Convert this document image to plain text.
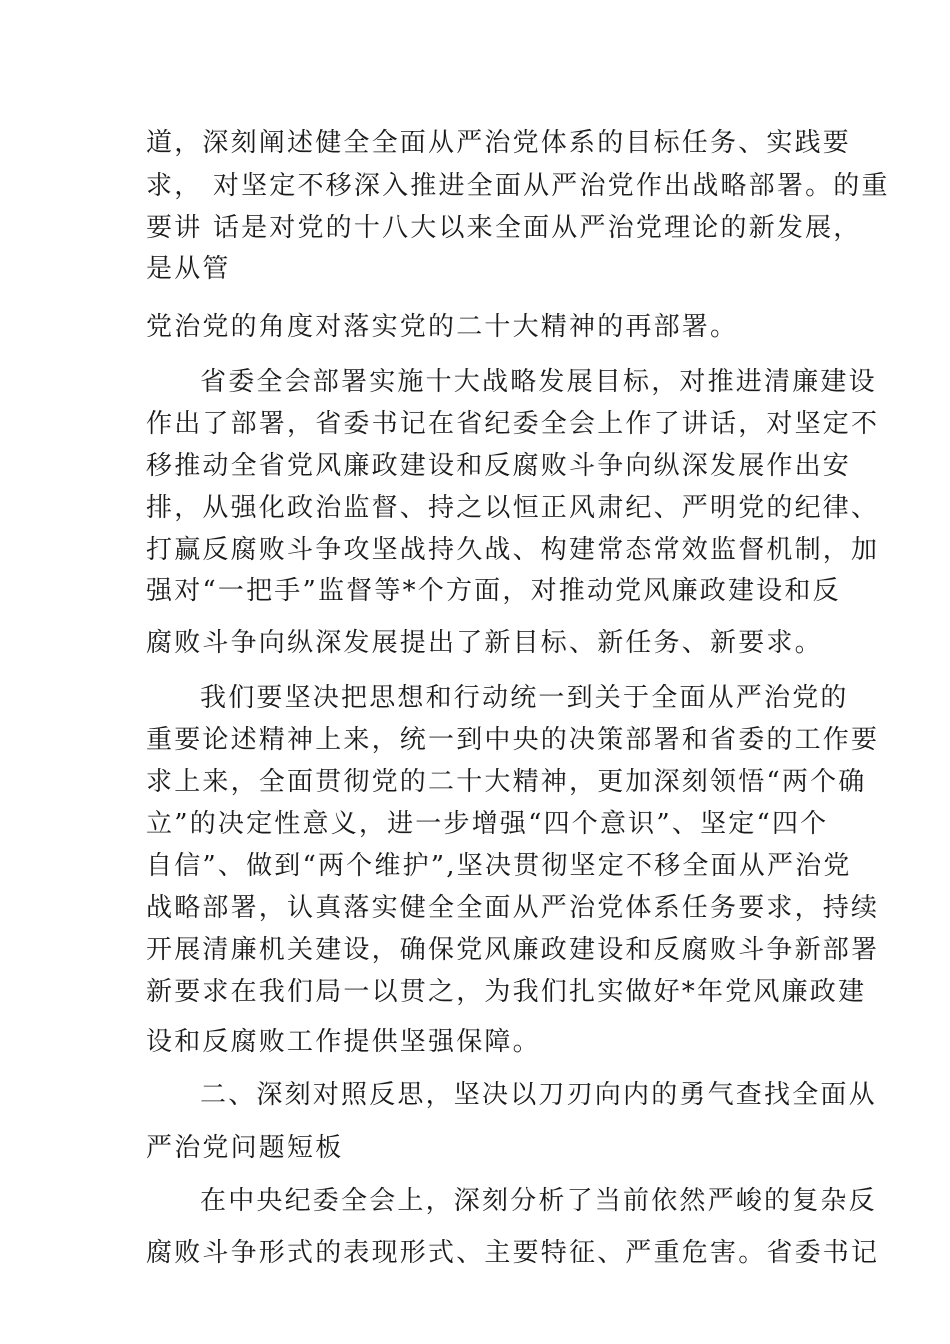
道，深刻阐述健全全面从严治党体系的目标任务、实践要
求， 对坚定不移深入推进全面从严治党作出战略部署。的重
要讲 话是对党的十八大以来全面从严治党理论的新发展，
是从管
党治党的角度对落实党的二十大精神的再部署。
省委全会部署实施十大战略发展目标，对推进清廉建设
作出了部署，省委书记在省纪委全会上作了讲话，对坚定不
移推动全省党风廉政建设和反腐败斗争向纵深发展作出安
排，从强化政治监督、持之以恒正风肃纪、严明党的纪律、
打赢反腐败斗争攻坚战持久战、构建常态常效监督机制，加
强对“一把手”监督等*个方面，对推动党风廉政建设和反
腐败斗争向纵深发展提出了新目标、新任务、新要求。
我们要坚决把思想和行动统一到关于全面从严治党的
重要论述精神上来，统一到中央的决策部署和省委的工作要
求上来，全面贯彻党的二十大精神，更加深刻领悟“两个确
立”的决定性意义，进一步增强“四个意识”、坚定“四个
自信”、做到“两个维护”,坚决贯彻坚定不移全面从严治党
战略部署，认真落实健全全面从严治党体系任务要求，持续
开展清廉机关建设，确保党风廉政建设和反腐败斗争新部署
新要求在我们局一以贯之，为我们扎实做好*年党风廉政建
设和反腐败工作提供坚强保障。
二、深刻对照反思，坚决以刀刃向内的勇气查找全面从
严治党问题短板
在中央纪委全会上，深刻分析了当前依然严峻的复杂反
腐败斗争形式的表现形式、主要特征、严重危害。省委书记
